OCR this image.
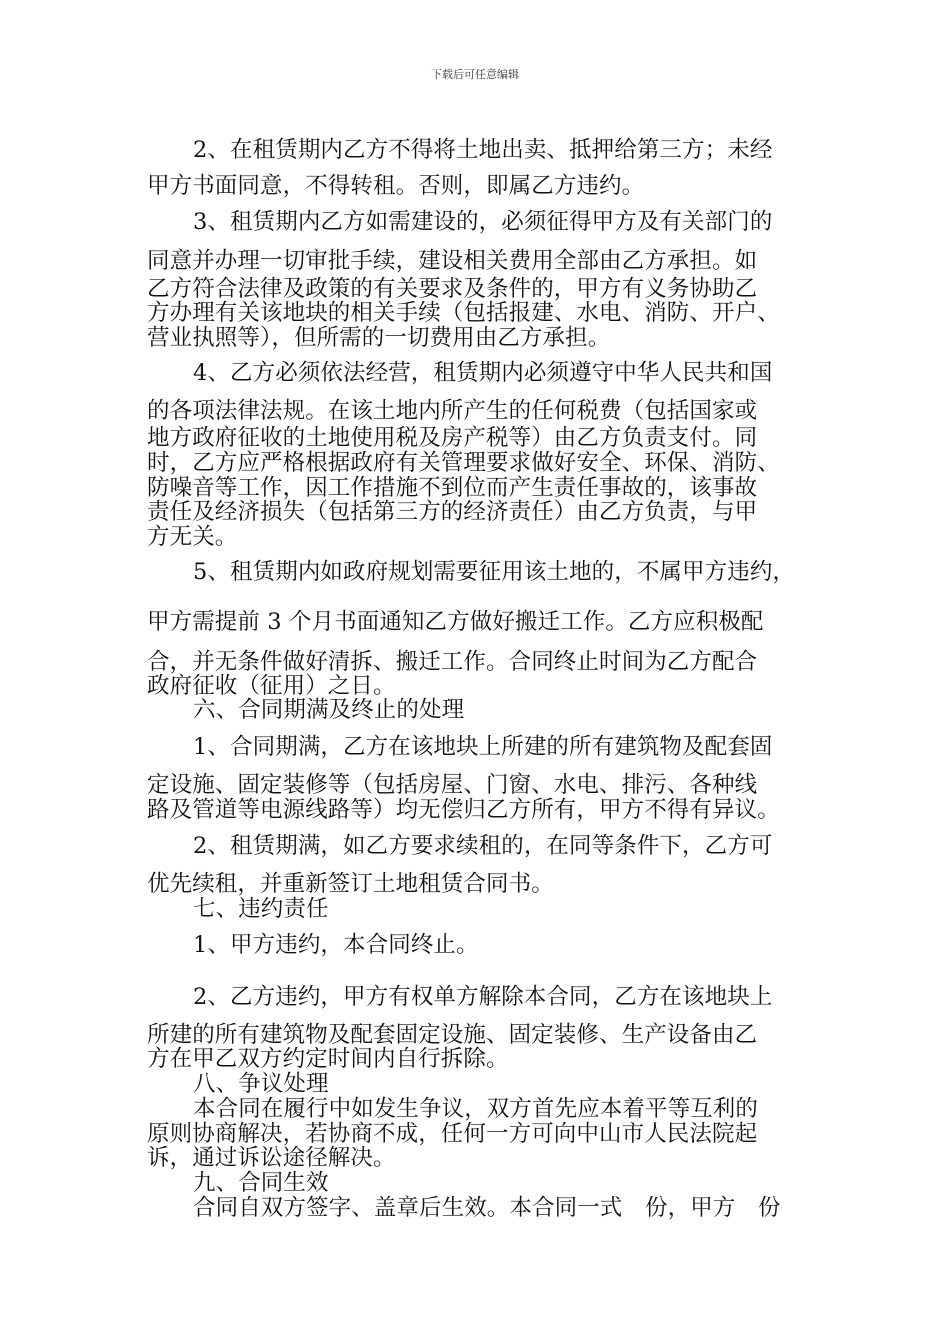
下载后可任意编辑
2、在租赁期内乙方不得将土地出卖、抵押给第三方；未经
甲方书面同意，不得转租。否则，即属乙方违约。
3、租赁期内乙方如需建设的，必须征得甲方及有关部门的
同意并办理一切审批手续，建设相关费用全部由乙方承担。如
乙方符合法律及政策的有关要求及条件的，甲方有义务协助乙
方办理有关该地块的相关手续（包括报建、水电、消防、开户、
营业执照等），但所需的一切费用由乙方承担。
4、乙方必须依法经营，租赁期内必须遵守中华人民共和国
的各项法律法规。在该土地内所产生的任何税费（包括国家或
地方政府征收的土地使用税及房产税等）由乙方负责支付。同
时，乙方应严格根据政府有关管理要求做好安全、环保、消防、
防噪音等工作，因工作措施不到位而产生责任事故的，该事故
责任及经济损失（包括第三方的经济责任）由乙方负责，与甲
方无关。
5、租赁期内如政府规划需要征用该土地的，不属甲方违约，
甲方需提前 3 个月书面通知乙方做好搬迁工作。乙方应积极配
合，并无条件做好清拆、搬迁工作。合同终止时间为乙方配合
政府征收（征用）之日。
六、合同期满及终止的处理
1、合同期满，乙方在该地块上所建的所有建筑物及配套固
定设施、固定装修等（包括房屋、门窗、水电、排污、各种线
路及管道等电源线路等）均无偿归乙方所有，甲方不得有异议。
2、租赁期满，如乙方要求续租的，在同等条件下，乙方可
优先续租，并重新签订土地租赁合同书。
七、违约责任
1、甲方违约，本合同终止。
2、乙方违约，甲方有权单方解除本合同，乙方在该地块上
所建的所有建筑物及配套固定设施、固定装修、生产设备由乙
方在甲乙双方约定时间内自行拆除。
八、争议处理
本合同在履行中如发生争议，双方首先应本着平等互利的
原则协商解决，若协商不成，任何一方可向中山市人民法院起
诉，通过诉讼途径解决。
九、合同生效
合同自双方签字、盖章后生效。本合同一式　份，甲方　份
